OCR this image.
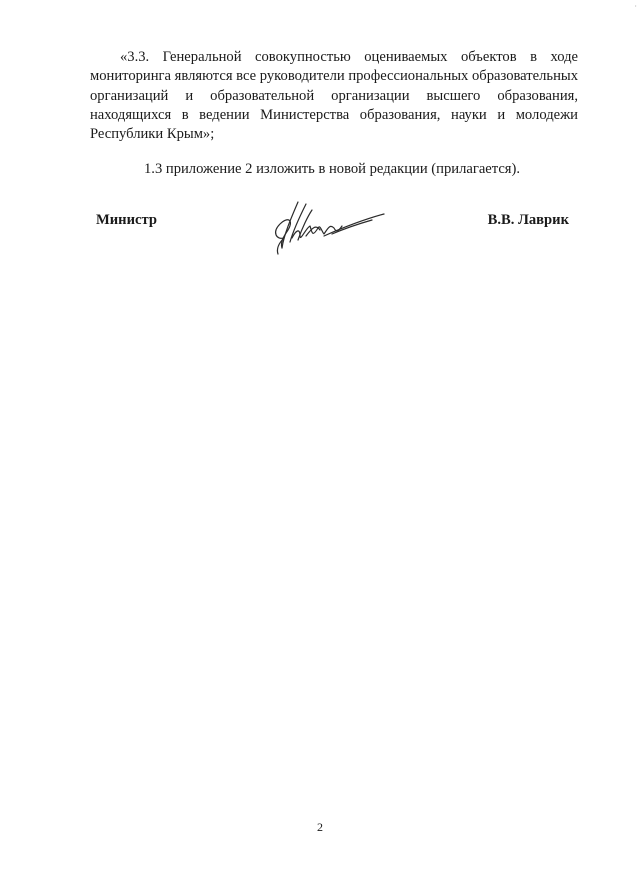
·

«3.3. Генеральной совокупностью оцениваемых объектов в ходе мониторинга являются все руководители профессиональных образовательных организаций и образовательной организации высшего образования, находящихся в ведении Министерства образования, науки и молодежи Республики Крым»;

1.3 приложение 2 изложить в новой редакции (прилагается).

Министр	В.В. Лаврик
2
